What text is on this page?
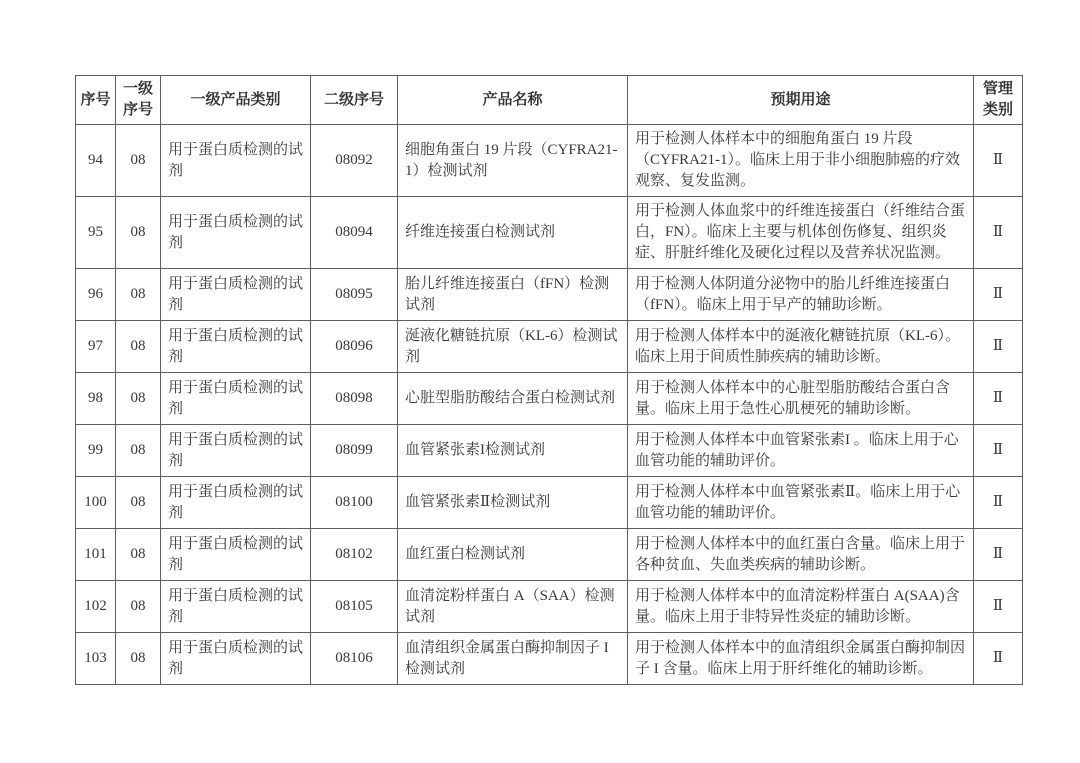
序号	一级序号	一级产品类别	二级序号	产品名称	预期用途	管理类别
94	08	用于蛋白质检测的试剂	08092	细胞角蛋白 19 片段（CYFRA21-1）检测试剂	用于检测人体样本中的细胞角蛋白 19 片段（CYFRA21-1）。临床上用于非小细胞肺癌的疗效观察、复发监测。	Ⅱ
95	08	用于蛋白质检测的试剂	08094	纤维连接蛋白检测试剂	用于检测人体血浆中的纤维连接蛋白（纤维结合蛋白，FN）。临床上主要与机体创伤修复、组织炎症、肝脏纤维化及硬化过程以及营养状况监测。	Ⅱ
96	08	用于蛋白质检测的试剂	08095	胎儿纤维连接蛋白（fFN）检测试剂	用于检测人体阴道分泌物中的胎儿纤维连接蛋白（fFN）。临床上用于早产的辅助诊断。	Ⅱ
97	08	用于蛋白质检测的试剂	08096	涎液化糖链抗原（KL-6）检测试剂	用于检测人体样本中的涎液化糖链抗原（KL-6）。临床上用于间质性肺疾病的辅助诊断。	Ⅱ
98	08	用于蛋白质检测的试剂	08098	心脏型脂肪酸结合蛋白检测试剂	用于检测人体样本中的心脏型脂肪酸结合蛋白含量。临床上用于急性心肌梗死的辅助诊断。	Ⅱ
99	08	用于蛋白质检测的试剂	08099	血管紧张素I检测试剂	用于检测人体样本中血管紧张素I 。临床上用于心血管功能的辅助评价。	Ⅱ
100	08	用于蛋白质检测的试剂	08100	血管紧张素Ⅱ检测试剂	用于检测人体样本中血管紧张素Ⅱ。临床上用于心血管功能的辅助评价。	Ⅱ
101	08	用于蛋白质检测的试剂	08102	血红蛋白检测试剂	用于检测人体样本中的血红蛋白含量。临床上用于各种贫血、失血类疾病的辅助诊断。	Ⅱ
102	08	用于蛋白质检测的试剂	08105	血清淀粉样蛋白 A（SAA）检测试剂	用于检测人体样本中的血清淀粉样蛋白 A(SAA)含量。临床上用于非特异性炎症的辅助诊断。	Ⅱ
103	08	用于蛋白质检测的试剂	08106	血清组织金属蛋白酶抑制因子 I 检测试剂	用于检测人体样本中的血清组织金属蛋白酶抑制因子 I 含量。临床上用于肝纤维化的辅助诊断。	Ⅱ
